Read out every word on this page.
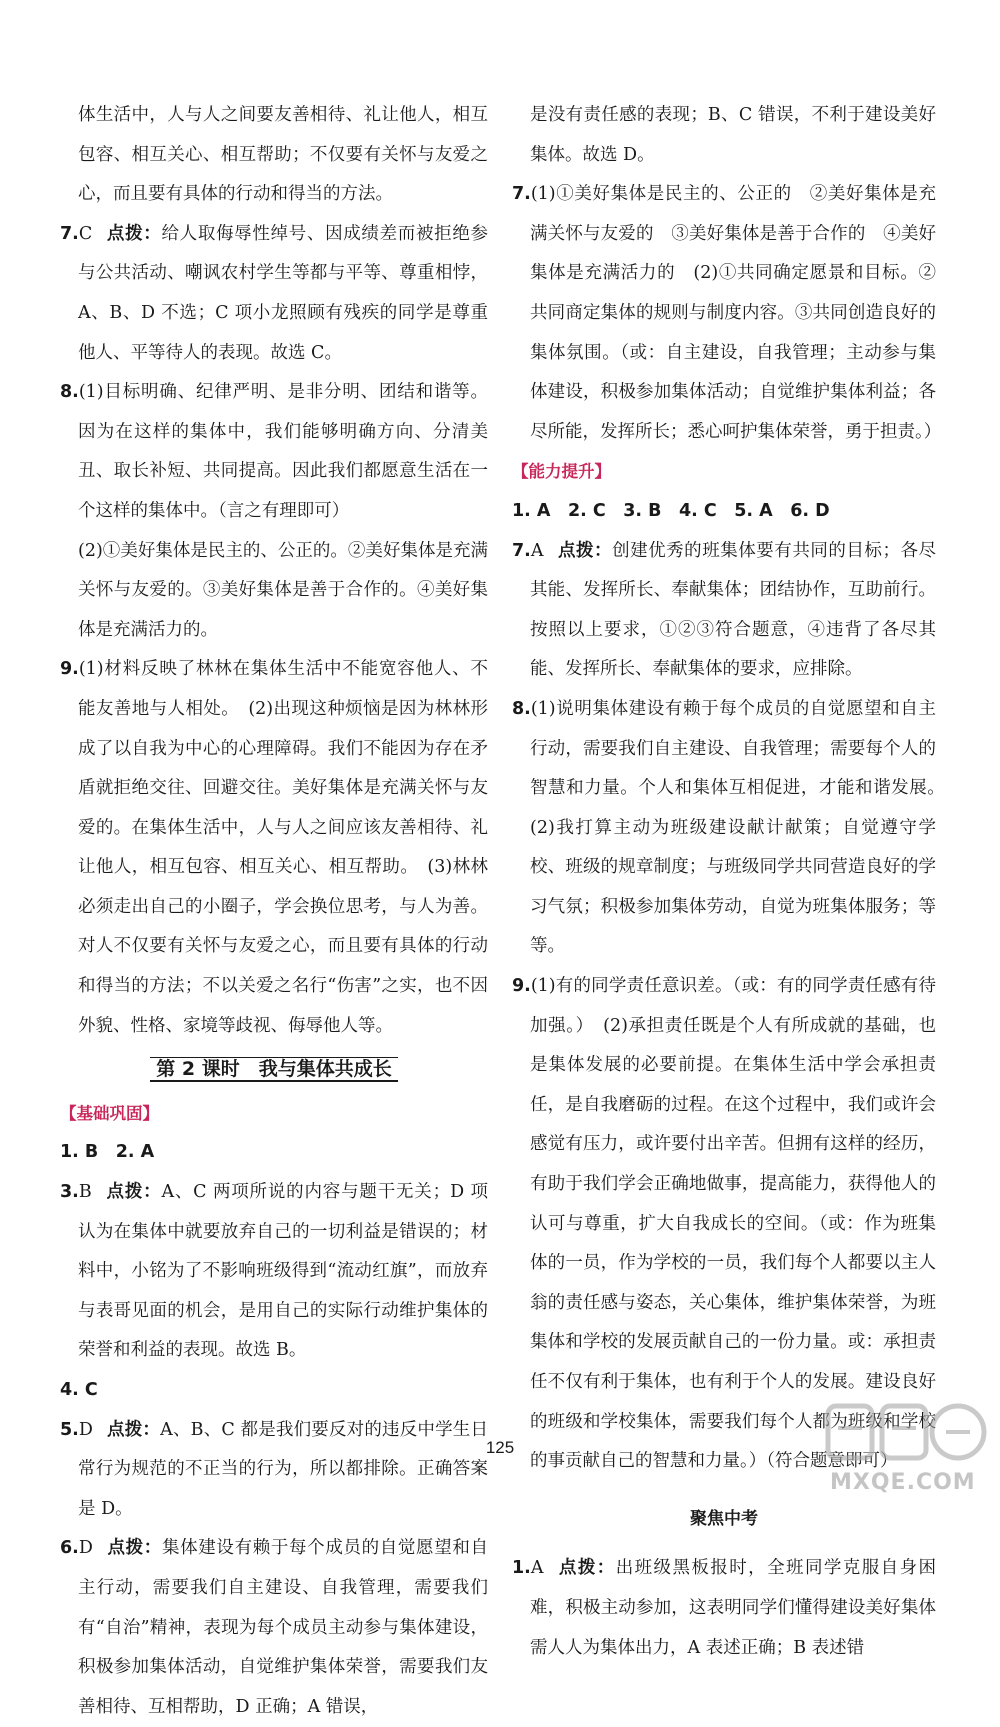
体生活中，人与人之间要友善相待、礼让他人，相互包容、相互关心、相互帮助；不仅要有关怀与友爱之心，而且要有具体的行动和得当的方法。

7.C 点拨：给人取侮辱性绰号、因成绩差而被拒绝参与公共活动、嘲讽农村学生等都与平等、尊重相悖，A、B、D 不选；C 项小龙照顾有残疾的同学是尊重他人、平等待人的表现。故选 C。

8.(1)目标明确、纪律严明、是非分明、团结和谐等。因为在这样的集体中，我们能够明确方向、分清美丑、取长补短、共同提高。因此我们都愿意生活在一个这样的集体中。（言之有理即可）

(2)①美好集体是民主的、公正的。②美好集体是充满关怀与友爱的。③美好集体是善于合作的。④美好集体是充满活力的。

9.(1)材料反映了林林在集体生活中不能宽容他人、不能友善地与人相处。　(2)出现这种烦恼是因为林林形成了以自我为中心的心理障碍。我们不能因为存在矛盾就拒绝交往、回避交往。美好集体是充满关怀与友爱的。在集体生活中，人与人之间应该友善相待、礼让他人，相互包容、相互关心、相互帮助。　(3)林林必须走出自己的小圈子，学会换位思考，与人为善。对人不仅要有关怀与友爱之心，而且要有具体的行动和得当的方法；不以关爱之名行“伤害”之实，也不因外貌、性格、家境等歧视、侮辱他人等。

第 2 课时　我与集体共成长
【基础巩固】

1. B　2. A

3.B 点拨：A、C 两项所说的内容与题干无关；D 项认为在集体中就要放弃自己的一切利益是错误的；材料中，小铭为了不影响班级得到“流动红旗”，而放弃与表哥见面的机会，是用自己的实际行动维护集体的荣誉和利益的表现。故选 B。

4. C

5.D 点拨：A、B、C 都是我们要反对的违反中学生日常行为规范的不正当的行为，所以都排除。正确答案是 D。

6.D 点拨：集体建设有赖于每个成员的自觉愿望和自主行动，需要我们自主建设、自我管理，需要我们有“自治”精神，表现为每个成员主动参与集体建设，积极参加集体活动，自觉维护集体荣誉，需要我们友善相待、互相帮助，D 正确；A 错误，

是没有责任感的表现；B、C 错误，不利于建设美好集体。故选 D。

7.(1)①美好集体是民主的、公正的　②美好集体是充满关怀与友爱的　③美好集体是善于合作的　④美好集体是充满活力的　(2)①共同确定愿景和目标。②共同商定集体的规则与制度内容。③共同创造良好的集体氛围。（或：自主建设，自我管理；主动参与集体建设，积极参加集体活动；自觉维护集体利益；各尽所能，发挥所长；悉心呵护集体荣誉，勇于担责。）

【能力提升】

1. A　2. C　3. B　4. C　5. A　6. D

7.A 点拨：创建优秀的班集体要有共同的目标；各尽其能、发挥所长、奉献集体；团结协作，互助前行。按照以上要求，①②③符合题意，④违背了各尽其能、发挥所长、奉献集体的要求，应排除。

8.(1)说明集体建设有赖于每个成员的自觉愿望和自主行动，需要我们自主建设、自我管理；需要每个人的智慧和力量。个人和集体互相促进，才能和谐发展。　(2)我打算主动为班级建设献计献策；自觉遵守学校、班级的规章制度；与班级同学共同营造良好的学习气氛；积极参加集体劳动，自觉为班集体服务；等等。

9.(1)有的同学责任意识差。（或：有的同学责任感有待加强。）　(2)承担责任既是个人有所成就的基础，也是集体发展的必要前提。在集体生活中学会承担责任，是自我磨砺的过程。在这个过程中，我们或许会感觉有压力，或许要付出辛苦。但拥有这样的经历，有助于我们学会正确地做事，提高能力，获得他人的认可与尊重，扩大自我成长的空间。（或：作为班集体的一员，作为学校的一员，我们每个人都要以主人翁的责任感与姿态，关心集体，维护集体荣誉，为班集体和学校的发展贡献自己的一份力量。或：承担责任不仅有利于集体，也有利于个人的发展。建设良好的班级和学校集体，需要我们每个人都为班级和学校的事贡献自己的智慧和力量。）（符合题意即可）

聚焦中考

1.A 点拨：出班级黑板报时，全班同学克服自身困难，积极主动参加，这表明同学们懂得建设美好集体需人人为集体出力，A 表述正确；B 表述错

125
MXQE.COM
